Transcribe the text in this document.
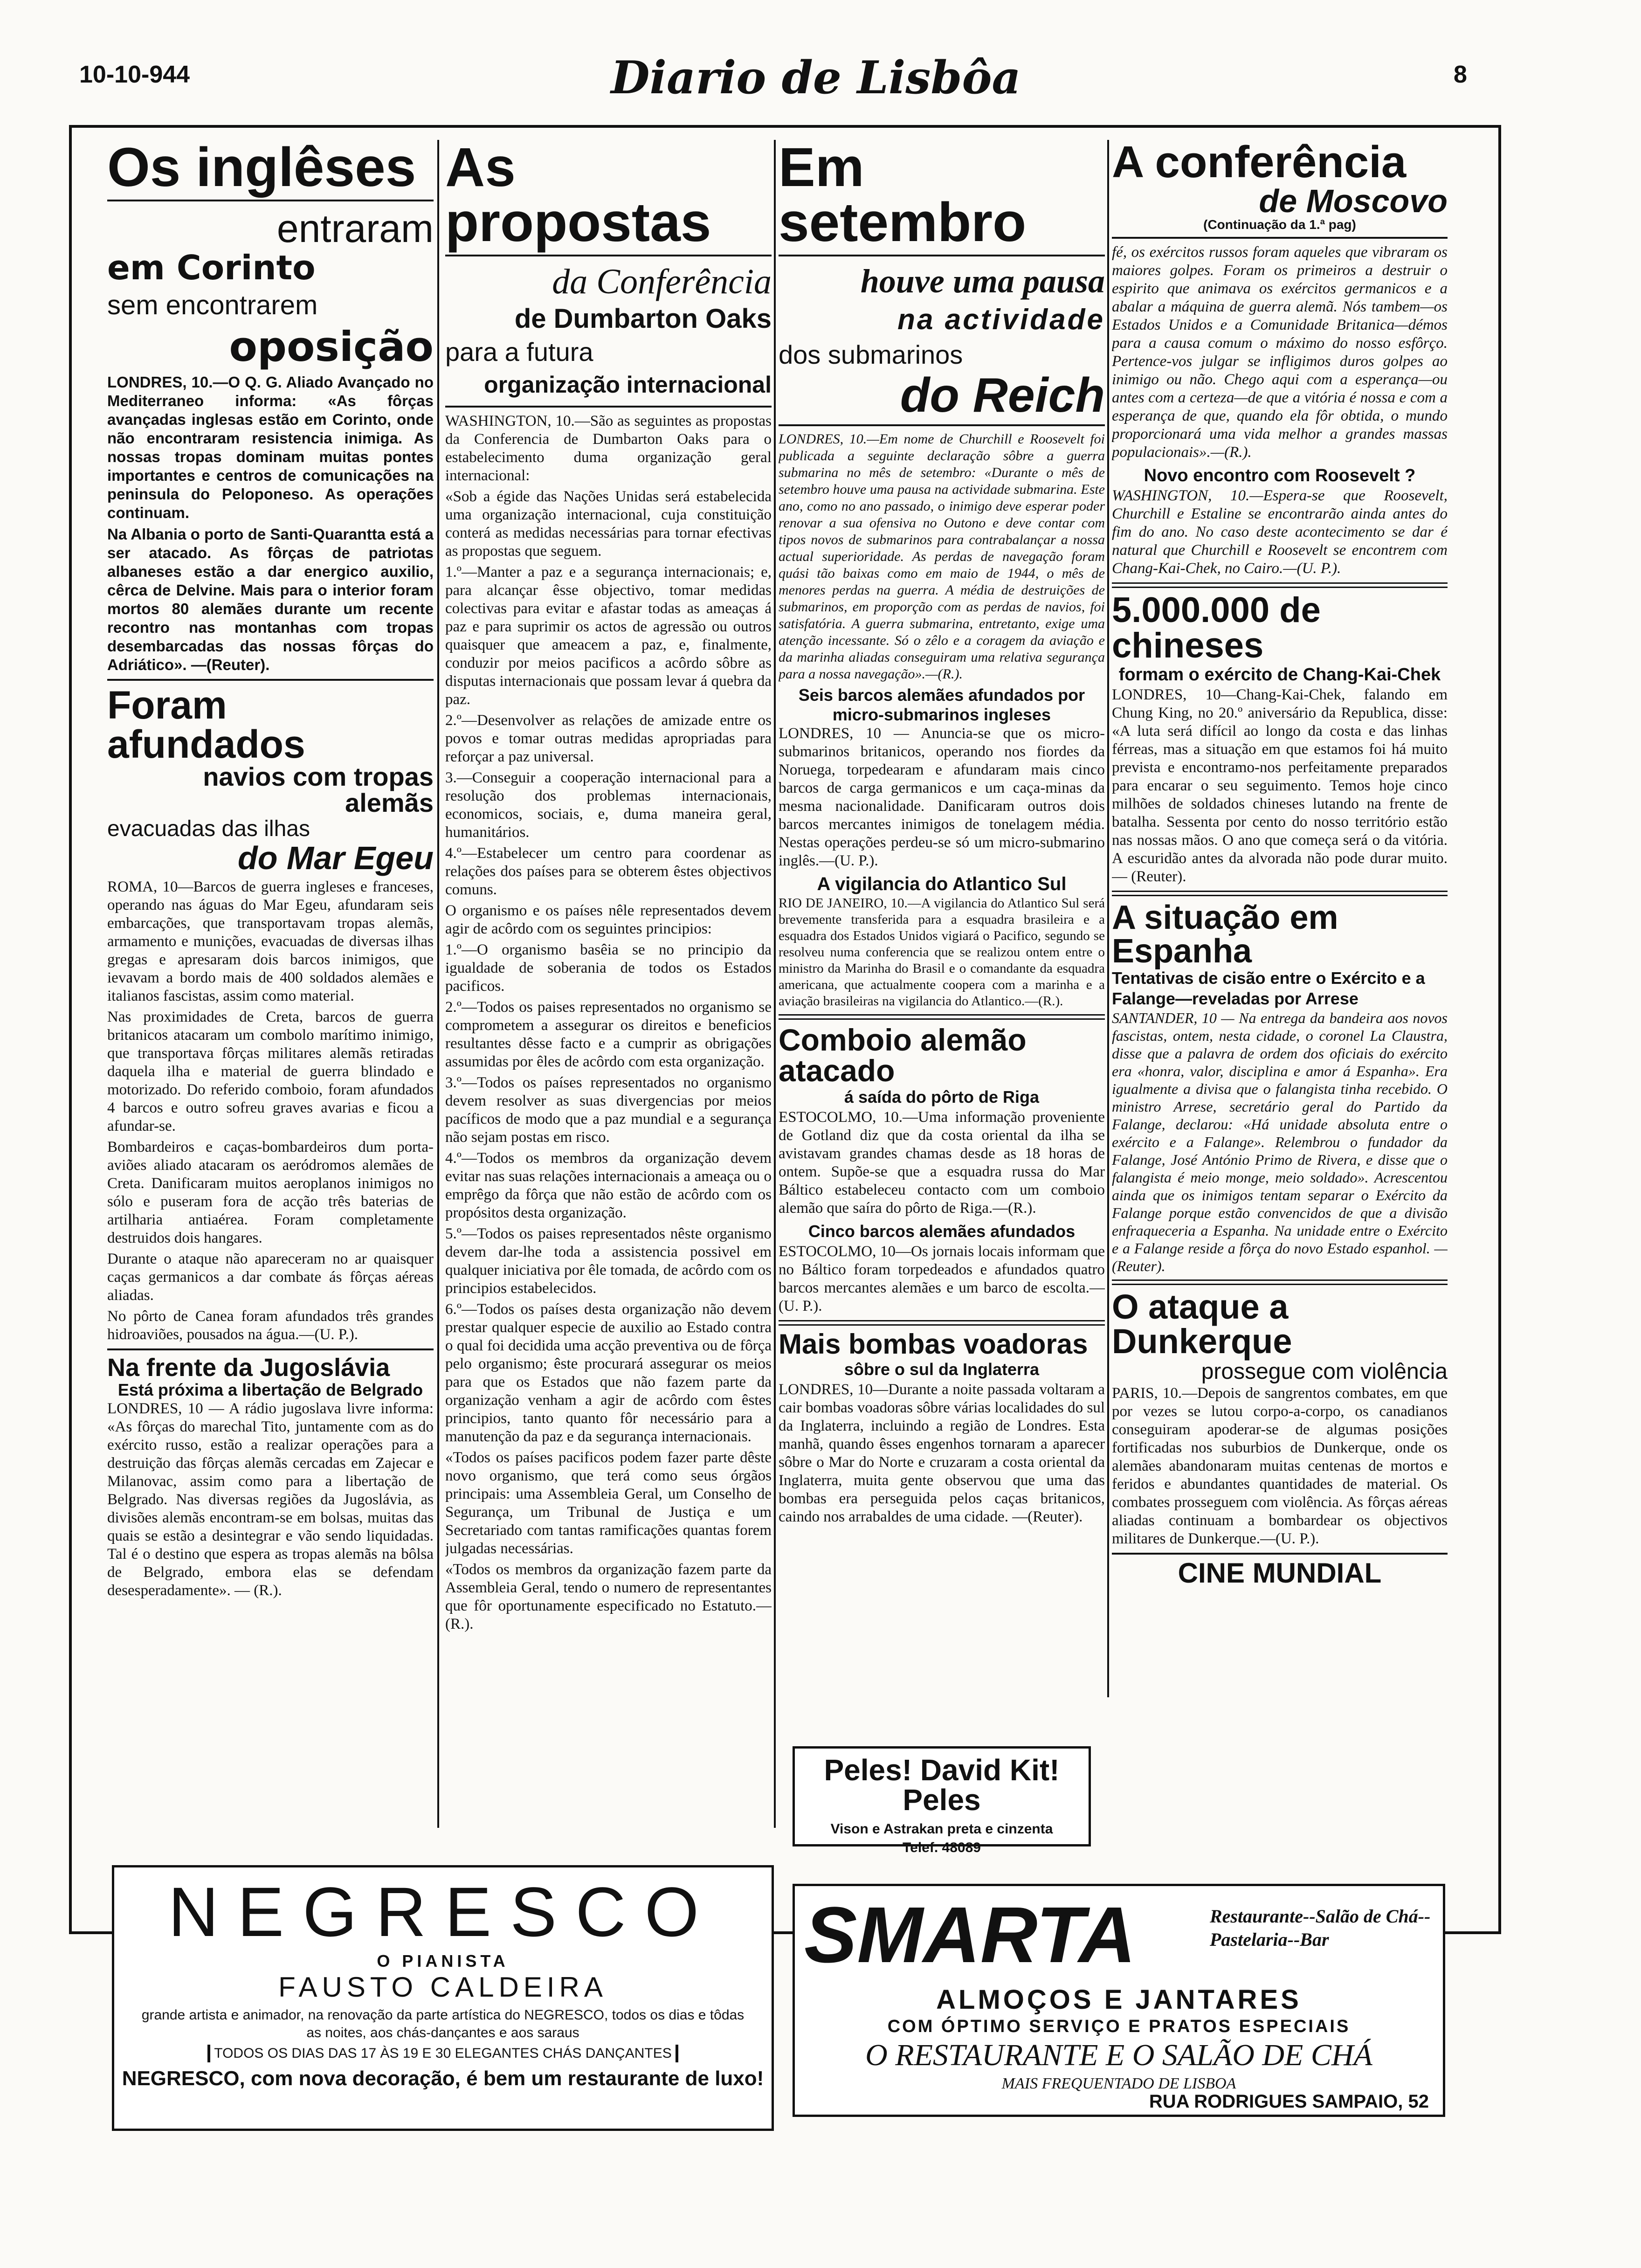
10-10-944	Diario de Lisbôa	8
Os inglêses
entraram
em Corinto
sem encontrarem
oposição

LONDRES, 10.—O Q. G. Aliado Avançado no Mediterraneo informa: «As fôrças avançadas inglesas estão em Corinto, onde não encontraram resistencia inimiga. As nossas tropas dominam muitas pontes importantes e centros de comunicações na peninsula do Peloponeso. As operações continuam.

Na Albania o porto de Santi-Quarantta está a ser atacado. As fôrças de patriotas albaneses estão a dar energico auxilio, cêrca de Delvine. Mais para o interior foram mortos 80 alemães durante um recente recontro nas montanhas com tropas desembarcadas das nossas fôrças do Adriático». —(Reuter).

Foram afundados
navios com tropas alemãs
evacuadas das ilhas
do Mar Egeu

ROMA, 10—Barcos de guerra ingleses e franceses, operando nas águas do Mar Egeu, afundaram seis embarcações, que transportavam tropas alemãs, armamento e munições, evacuadas de diversas ilhas gregas e apresaram dois barcos inimigos, que ievavam a bordo mais de 400 soldados alemães e italianos fascistas, assim como material.

Nas proximidades de Creta, barcos de guerra britanicos atacaram um combolo marítimo inimigo, que transportava fôrças militares alemãs retiradas daquela ilha e material de guerra blindado e motorizado. Do referido comboio, foram afundados 4 barcos e outro sofreu graves avarias e ficou a afundar-se.

Bombardeiros e caças-bombardeiros dum porta-aviões aliado atacaram os aeródromos alemães de Creta. Danificaram muitos aeroplanos inimigos no sólo e puseram fora de acção três baterias de artilharia antiaérea. Foram completamente destruidos dois hangares.

Durante o ataque não apareceram no ar quaisquer caças germanicos a dar combate ás fôrças aéreas aliadas.

No pôrto de Canea foram afundados três grandes hidroaviões, pousados na água.—(U. P.).

Na frente da Jugoslávia
Está próxima a libertação de Belgrado

LONDRES, 10 — A rádio jugoslava livre informa: «As fôrças do marechal Tito, juntamente com as do exército russo, estão a realizar operações para a destruição das fôrças alemãs cercadas em Zajecar e Milanovac, assim como para a libertação de Belgrado. Nas diversas regiões da Jugoslávia, as divisões alemãs encontram-se em bolsas, muitas das quais se estão a desintegrar e vão sendo liquidadas. Tal é o destino que espera as tropas alemãs na bôlsa de Belgrado, embora elas se defendam desesperadamente». — (R.).

As propostas
da Conferência
de Dumbarton Oaks
para a futura
organização internacional

WASHINGTON, 10.—São as seguintes as propostas da Conferencia de Dumbarton Oaks para o estabelecimento duma organização geral internacional:

«Sob a égide das Nações Unidas será estabelecida uma organização internacional, cuja constituição conterá as medidas necessárias para tornar efectivas as propostas que seguem.

1.º—Manter a paz e a segurança internacionais; e, para alcançar êsse objectivo, tomar medidas colectivas para evitar e afastar todas as ameaças á paz e para suprimir os actos de agressão ou outros quaisquer que ameacem a paz, e, finalmente, conduzir por meios pacificos a acôrdo sôbre as disputas internacionais que possam levar á quebra da paz.

2.º—Desenvolver as relações de amizade entre os povos e tomar outras medidas apropriadas para reforçar a paz universal.

3.—Conseguir a cooperação internacional para a resolução dos problemas internacionais, economicos, sociais, e, duma maneira geral, humanitários.

4.º—Estabelecer um centro para coordenar as relações dos países para se obterem êstes objectivos comuns.

O organismo e os países nêle representados devem agir de acôrdo com os seguintes principios:

1.º—O organismo basêia se no principio da igualdade de soberania de todos os Estados pacificos.

2.º—Todos os paises representados no organismo se comprometem a assegurar os direitos e beneficios resultantes dêsse facto e a cumprir as obrigações assumidas por êles de acôrdo com esta organização.

3.º—Todos os países representados no organismo devem resolver as suas divergencias por meios pacíficos de modo que a paz mundial e a segurança não sejam postas em risco.

4.º—Todos os membros da organização devem evitar nas suas relações internacionais a ameaça ou o emprêgo da fôrça que não estão de acôrdo com os propósitos desta organização.

5.º—Todos os paises representados nêste organismo devem dar-lhe toda a assistencia possivel em qualquer iniciativa por êle tomada, de acôrdo com os principios estabelecidos.

6.º—Todos os países desta organização não devem prestar qualquer especie de auxilio ao Estado contra o qual foi decidida uma acção preventiva ou de fôrça pelo organismo; êste procurará assegurar os meios para que os Estados que não fazem parte da organização venham a agir de acôrdo com êstes principios, tanto quanto fôr necessário para a manutenção da paz e da segurança internacionais.

«Todos os países pacificos podem fazer parte dêste novo organismo, que terá como seus órgãos principais: uma Assembleia Geral, um Conselho de Segurança, um Tribunal de Justiça e um Secretariado com tantas ramificações quantas forem julgadas necessárias.

«Todos os membros da organização fazem parte da Assembleia Geral, tendo o numero de representantes que fôr oportunamente especificado no Estatuto.—(R.).

Em setembro
houve uma pausa
na actividade
dos submarinos
do Reich

LONDRES, 10.—Em nome de Churchill e Roosevelt foi publicada a seguinte declaração sôbre a guerra submarina no mês de setembro: «Durante o mês de setembro houve uma pausa na actividade submarina. Este ano, como no ano passado, o inimigo deve esperar poder renovar a sua ofensiva no Outono e deve contar com tipos novos de submarinos para contrabalançar a nossa actual superioridade. As perdas de navegação foram quási tão baixas como em maio de 1944, o mês de menores perdas na guerra. A média de destruições de submarinos, em proporção com as perdas de navios, foi satisfatória. A guerra submarina, entretanto, exige uma atenção incessante. Só o zêlo e a coragem da aviação e da marinha aliadas conseguiram uma relativa segurança para a nossa navegação».—(R.).

Seis barcos alemães afundados por micro-submarinos ingleses

LONDRES, 10 — Anuncia-se que os micro-submarinos britanicos, operando nos fiordes da Noruega, torpedearam e afundaram mais cinco barcos de carga germanicos e um caça-minas da mesma nacionalidade. Danificaram outros dois barcos mercantes inimigos de tonelagem média. Nestas operações perdeu-se só um micro-submarino inglês.—(U. P.).

A vigilancia do Atlantico Sul

RIO DE JANEIRO, 10.—A vigilancia do Atlantico Sul será brevemente transferida para a esquadra brasileira e a esquadra dos Estados Unidos vigiará o Pacifico, segundo se resolveu numa conferencia que se realizou ontem entre o ministro da Marinha do Brasil e o comandante da esquadra americana, que actualmente coopera com a marinha e a aviação brasileiras na vigilancia do Atlantico.—(R.).

Comboio alemão atacado
á saída do pôrto de Riga

ESTOCOLMO, 10.—Uma informação proveniente de Gotland diz que da costa oriental da ilha se avistavam grandes chamas desde as 18 horas de ontem. Supõe-se que a esquadra russa do Mar Báltico estabeleceu contacto com um comboio alemão que saíra do pôrto de Riga.—(R.).

Cinco barcos alemães afundados

ESTOCOLMO, 10—Os jornais locais informam que no Báltico foram torpedeados e afundados quatro barcos mercantes alemães e um barco de escolta.—(U. P.).

Mais bombas voadoras
sôbre o sul da Inglaterra

LONDRES, 10—Durante a noite passada voltaram a cair bombas voadoras sôbre várias localidades do sul da Inglaterra, incluindo a região de Londres. Esta manhã, quando êsses engenhos tornaram a aparecer sôbre o Mar do Norte e cruzaram a costa oriental da Inglaterra, muita gente observou que uma das bombas era perseguida pelos caças britanicos, caindo nos arrabaldes de uma cidade. —(Reuter).

Peles! David Kit! Peles
Vison e Astrakan preta e cinzenta
Telef. 48089
A conferência
de Moscovo
(Continuação da 1.ª pag)

fé, os exércitos russos foram aqueles que vibraram os maiores golpes. Foram os primeiros a destruir o espirito que animava os exércitos germanicos e a abalar a máquina de guerra alemã. Nós tambem—os Estados Unidos e a Comunidade Britanica—démos para a causa comum o máximo do nosso esfôrço. Pertence-vos julgar se infligimos duros golpes ao inimigo ou não. Chego aqui com a esperança—ou antes com a certeza—de que a vitória é nossa e com a esperança de que, quando ela fôr obtida, o mundo proporcionará uma vida melhor a grandes massas populacionais».—(R.).

Novo encontro com Roosevelt ?

WASHINGTON, 10.—Espera-se que Roosevelt, Churchill e Estaline se encontrarão ainda antes do fim do ano. No caso deste acontecimento se dar é natural que Churchill e Roosevelt se encontrem com Chang-Kai-Chek, no Cairo.—(U. P.).

5.000.000 de chineses
formam o exército de Chang-Kai-Chek

LONDRES, 10—Chang-Kai-Chek, falando em Chung King, no 20.º aniversário da Republica, disse: «A luta será difícil ao longo da costa e das linhas férreas, mas a situação em que estamos foi há muito prevista e encontramo-nos perfeitamente preparados para encarar o seu seguimento. Temos hoje cinco milhões de soldados chineses lutando na frente de batalha. Sessenta por cento do nosso território estão nas nossas mãos. O ano que começa será o da vitória. A escuridão antes da alvorada não pode durar muito.— (Reuter).

A situação em Espanha
Tentativas de cisão entre o Exército e a Falange—reveladas por Arrese

SANTANDER, 10 — Na entrega da bandeira aos novos fascistas, ontem, nesta cidade, o coronel La Claustra, disse que a palavra de ordem dos oficiais do exército era «honra, valor, disciplina e amor á Espanha». Era igualmente a divisa que o falangista tinha recebido. O ministro Arrese, secretário geral do Partido da Falange, declarou: «Há unidade absoluta entre o exército e a Falange». Relembrou o fundador da Falange, José António Primo de Rivera, e disse que o falangista é meio monge, meio soldado». Acrescentou ainda que os inimigos tentam separar o Exército da Falange porque estão convencidos de que a divisão enfraqueceria a Espanha. Na unidade entre o Exército e a Falange reside a fôrça do novo Estado espanhol. — (Reuter).

O ataque a Dunkerque
prossegue com violência

PARIS, 10.—Depois de sangrentos combates, em que por vezes se lutou corpo-a-corpo, os canadianos conseguiram apoderar-se de algumas posições fortificadas nos suburbios de Dunkerque, onde os alemães abandonaram muitas centenas de mortos e feridos e abundantes quantidades de material. Os combates prosseguem com violência. As fôrças aéreas aliadas continuam a bombardear os objectivos militares de Dunkerque.—(U. P.).

CINE MUNDIAL
NEGRESCO
O PIANISTA
FAUSTO CALDEIRA
grande artista e animador, na renovação da parte artística do NEGRESCO, todos os dias e tôdas as noites, aos chás-dançantes e aos saraus
TODOS OS DIAS DAS 17 ÀS 19 E 30 ELEGANTES CHÁS DANÇANTES
NEGRESCO, com nova decoração, é bem um restaurante de luxo!
SMARTA	Restaurante--Salão de Chá--Pastelaria--Bar
ALMOÇOS E JANTARES
COM ÓPTIMO SERVIÇO E PRATOS ESPECIAIS
O RESTAURANTE E O SALÃO DE CHÁ
MAIS FREQUENTADO DE LISBOA
RUA RODRIGUES SAMPAIO, 52
